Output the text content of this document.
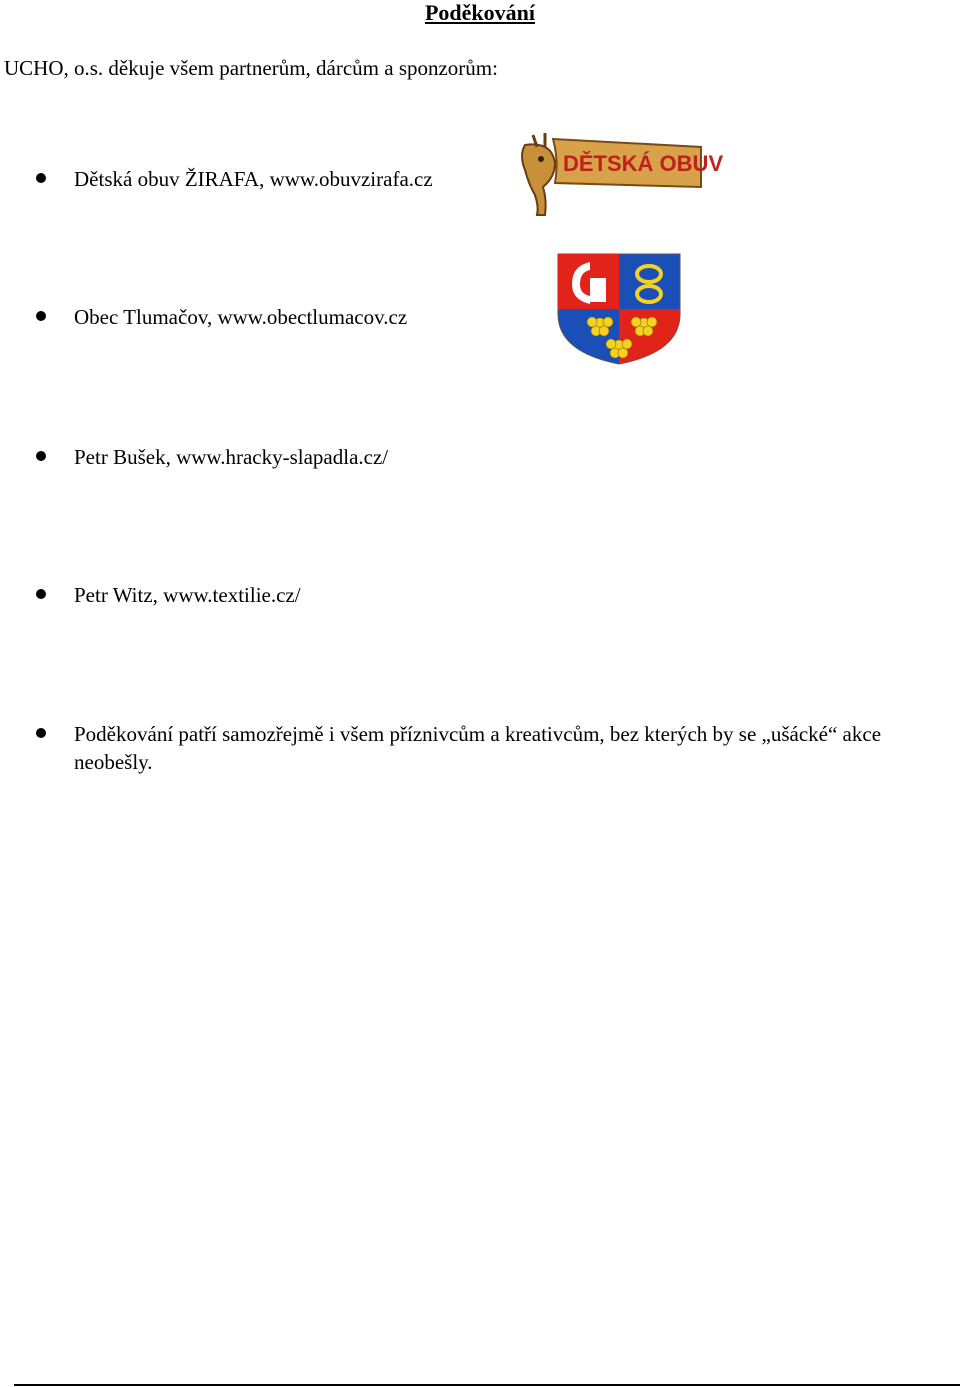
Poděkování
UCHO, o.s. děkuje všem partnerům, dárcům a sponzorům:
Dětská obuv ŽIRAFA, www.obuvzirafa.cz
DĚTSKÁ OBUV
Obec Tlumačov, www.obectlumacov.cz
Petr Bušek, www.hracky-slapadla.cz/
Petr Witz, www.textilie.cz/
Poděkování patří samozřejmě i všem příznivcům a kreativcům, bez kterých by se „ušácké“ akce neobešly.
